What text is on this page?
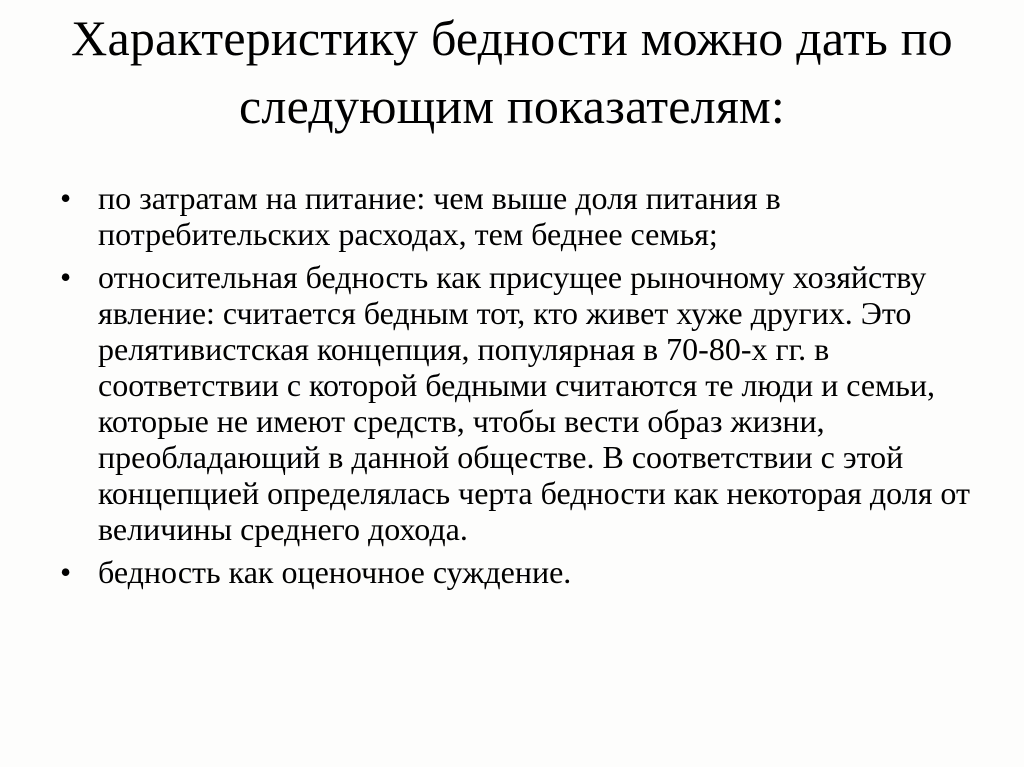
Характеристику бедности можно дать по следующим показателям:
• по затратам на питание: чем выше доля питания в потребительских расходах, тем беднее семья;
• относительная бедность как присущее рыночному хозяйству явление: считается бедным тот, кто живет хуже других. Это релятивистская концепция, популярная в 70-80-х гг. в соответствии с которой бедными считаются те люди и семьи, которые не имеют средств, чтобы вести образ жизни, преобладающий в данной обществе. В соответствии с этой концепцией определялась черта бедности как некоторая доля от величины среднего дохода.
• бедность как оценочное суждение.
